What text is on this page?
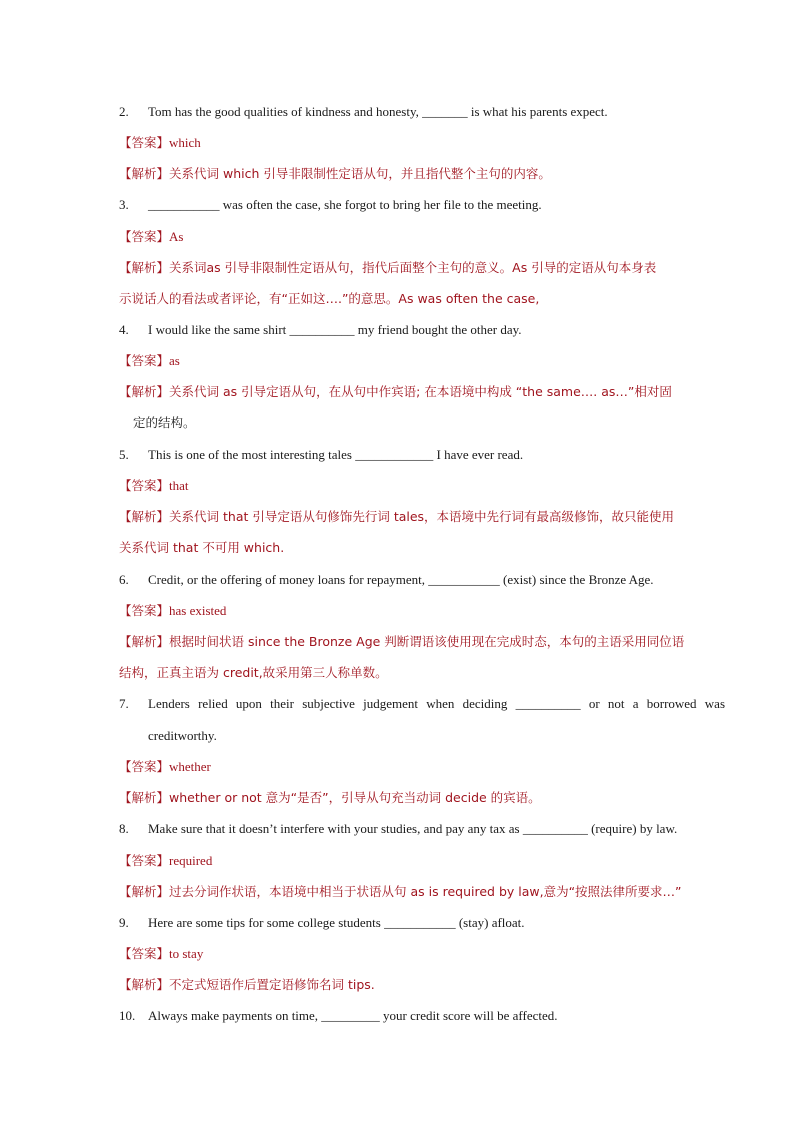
2. Tom has the good qualities of kindness and honesty, _______ is what his parents expect.
【答案】which
【解析】关系代词 which 引导非限制性定语从句，并且指代整个主句的内容。
3. ___________ was often the case, she forgot to bring her file to the meeting.
【答案】As
【解析】关系词as 引导非限制性定语从句，指代后面整个主句的意义。As 引导的定语从句本身表
示说话人的看法或者评论，有“正如这….”的意思。As was often the case,
4. I would like the same shirt __________ my friend bought the other day.
【答案】as
【解析】关系代词 as 引导定语从句，在从句中作宾语; 在本语境中构成 “the same…. as…”相对固
定的结构。
5. This is one of the most interesting tales ____________ I have ever read.
【答案】that
【解析】关系代词 that 引导定语从句修饰先行词 tales，本语境中先行词有最高级修饰，故只能使用
关系代词 that 不可用 which.
6. Credit, or the offering of money loans for repayment, ___________ (exist) since the Bronze Age.
【答案】has existed
【解析】根据时间状语 since the Bronze Age 判断谓语该使用现在完成时态，本句的主语采用同位语
结构，正真主语为 credit,故采用第三人称单数。
7. Lenders relied upon their subjective judgement when deciding __________ or not a borrowed was
creditworthy.
【答案】whether
【解析】whether or not 意为“是否”，引导从句充当动词 decide 的宾语。
8. Make sure that it doesn’t interfere with your studies, and pay any tax as __________ (require) by law.
【答案】required
【解析】过去分词作状语，本语境中相当于状语从句 as is required by law,意为“按照法律所要求…”
9. Here are some tips for some college students ___________ (stay) afloat.
【答案】to stay
【解析】不定式短语作后置定语修饰名词 tips.
10. Always make payments on time, _________ your credit score will be affected.
